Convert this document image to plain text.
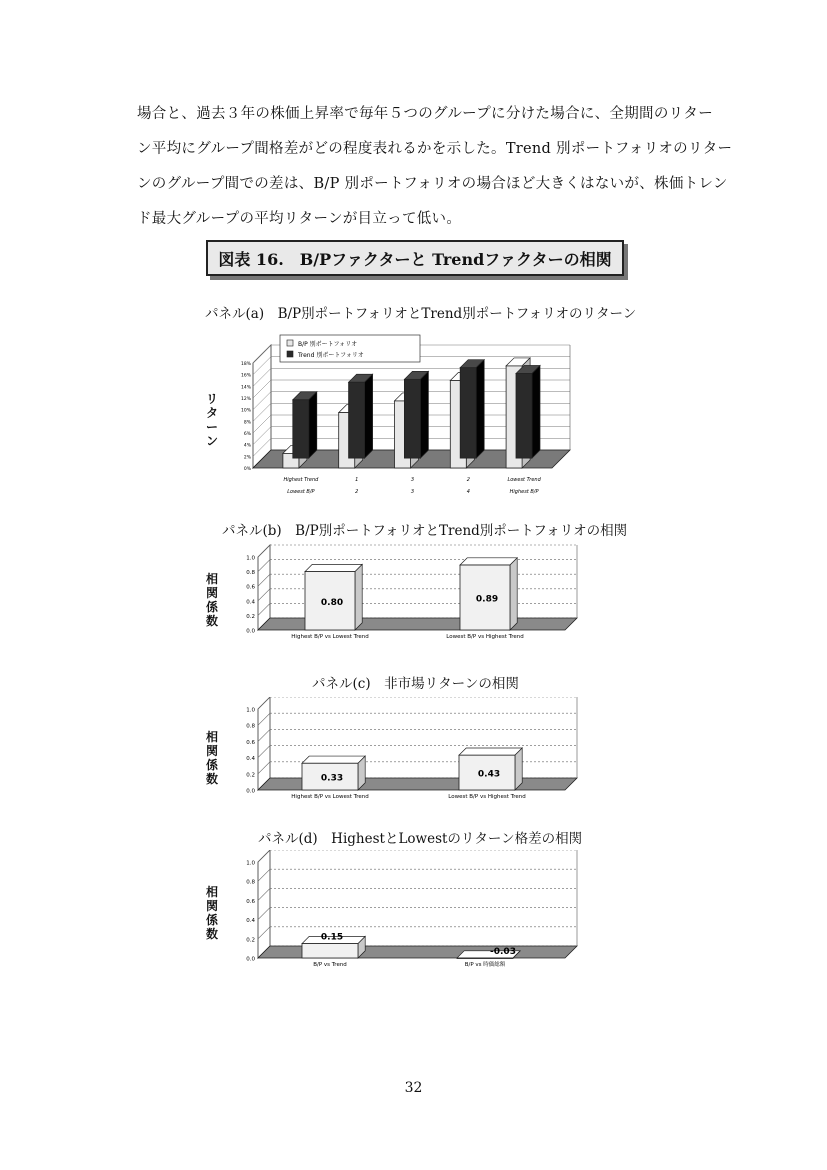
場合と、過去３年の株価上昇率で毎年５つのグループに分けた場合に、全期間のリター

ン平均にグループ間格差がどの程度表れるかを示した。Trend 別ポートフォリオのリター

ンのグループ間での差は、B/P 別ポートフォリオの場合ほど大きくはないが、株価トレン

ド最大グループの平均リターンが目立って低い。

図表 16.　B/Pファクターと Trendファクターの相関
パネル(a)　B/P別ポートフォリオとTrend別ポートフォリオのリターン
リターン
0%
2%
4%
6%
8%
10%
12%
14%
16%
18%
Highest Trend
Lowest B/P
1
2
3
3
2
4
Lowest Trend
Highest B/P
B/P 別ポートフォリオ
Trend 別ポートフォリオ
パネル(b)　B/P別ポートフォリオとTrend別ポートフォリオの相関
相関係数
0.0
0.2
0.4
0.6
0.8
1.0
0.80
Highest B/P vs Lowest Trend
0.89
Lowest B/P vs Highest Trend
パネル(c)　非市場リターンの相関
相関係数
0.0
0.2
0.4
0.6
0.8
1.0
0.33
Highest B/P vs Lowest Trend
0.43
Lowest B/P vs Highest Trend
パネル(d)　HighestとLowestのリターン格差の相関
相関係数
0.0
0.2
0.4
0.6
0.8
1.0
0.15
B/P vs Trend
-0.03
B/P vs 時価総額
32
